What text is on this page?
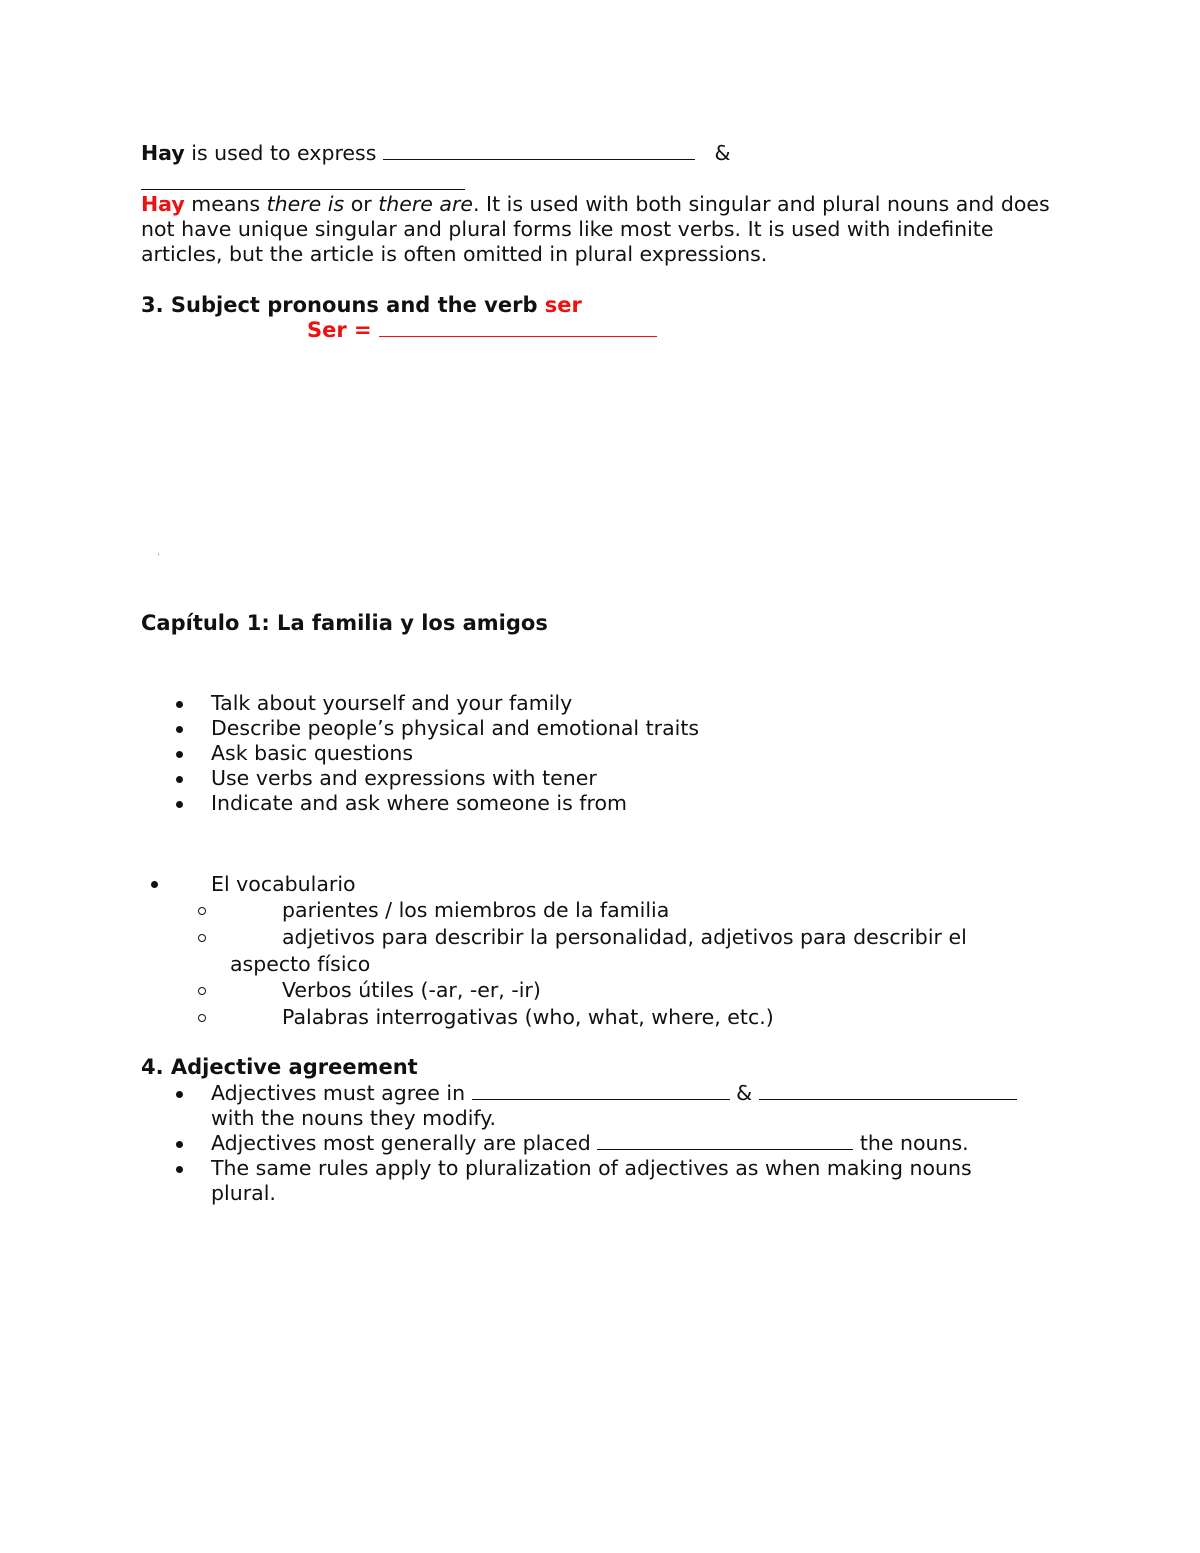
Hay is used to express	&
Hay means there is or there are. It is used with both singular and plural nouns and does not have unique singular and plural forms like most verbs. It is used with indefinite articles, but the article is often omitted in plural expressions.
3. Subject pronouns and the verb ser
Ser =
Capítulo 1: La familia y los amigos
Talk about yourself and your family
Describe people’s physical and emotional traits
Ask basic questions
Use verbs and expressions with tener
Indicate and ask where someone is from
El vocabulario
parientes / los miembros de la familia
adjetivos para describir la personalidad, adjetivos para describir el
aspecto físico
Verbos útiles (-ar, -er, -ir)
Palabras interrogativas (who, what, where, etc.)
4. Adjective agreement
Adjectives must agree in	&
with the nouns they modify.
Adjectives most generally are placed	the nouns.
The same rules apply to pluralization of adjectives as when making nouns plural.
